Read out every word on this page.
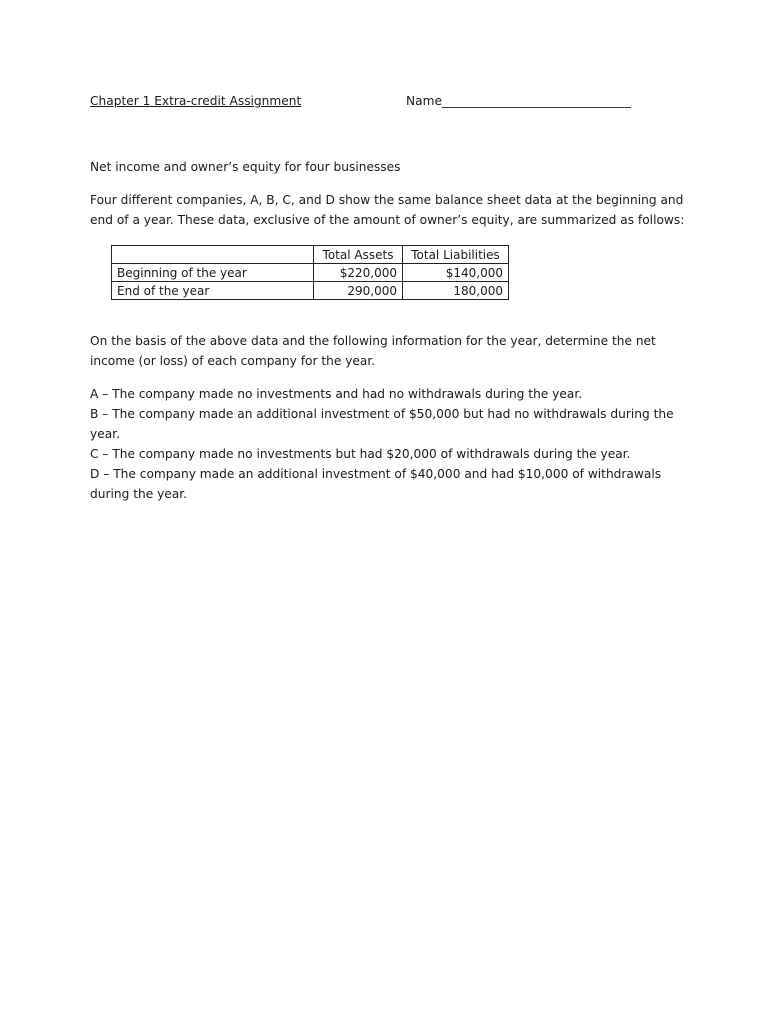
Chapter 1 Extra-credit Assignment	Name_______________________________
Net income and owner’s equity for four businesses
Four different companies, A, B, C, and D show the same balance sheet data at the beginning and end of a year. These data, exclusive of the amount of owner’s equity, are summarized as follows:
	Total Assets	Total Liabilities
Beginning of the year	$220,000	$140,000
End of the year	290,000	180,000
On the basis of the above data and the following information for the year, determine the net income (or loss) of each company for the year.
A – The company made no investments and had no withdrawals during the year.
B – The company made an additional investment of $50,000 but had no withdrawals during the year.
C – The company made no investments but had $20,000 of withdrawals during the year.
D – The company made an additional investment of $40,000 and had $10,000 of withdrawals during the year.
